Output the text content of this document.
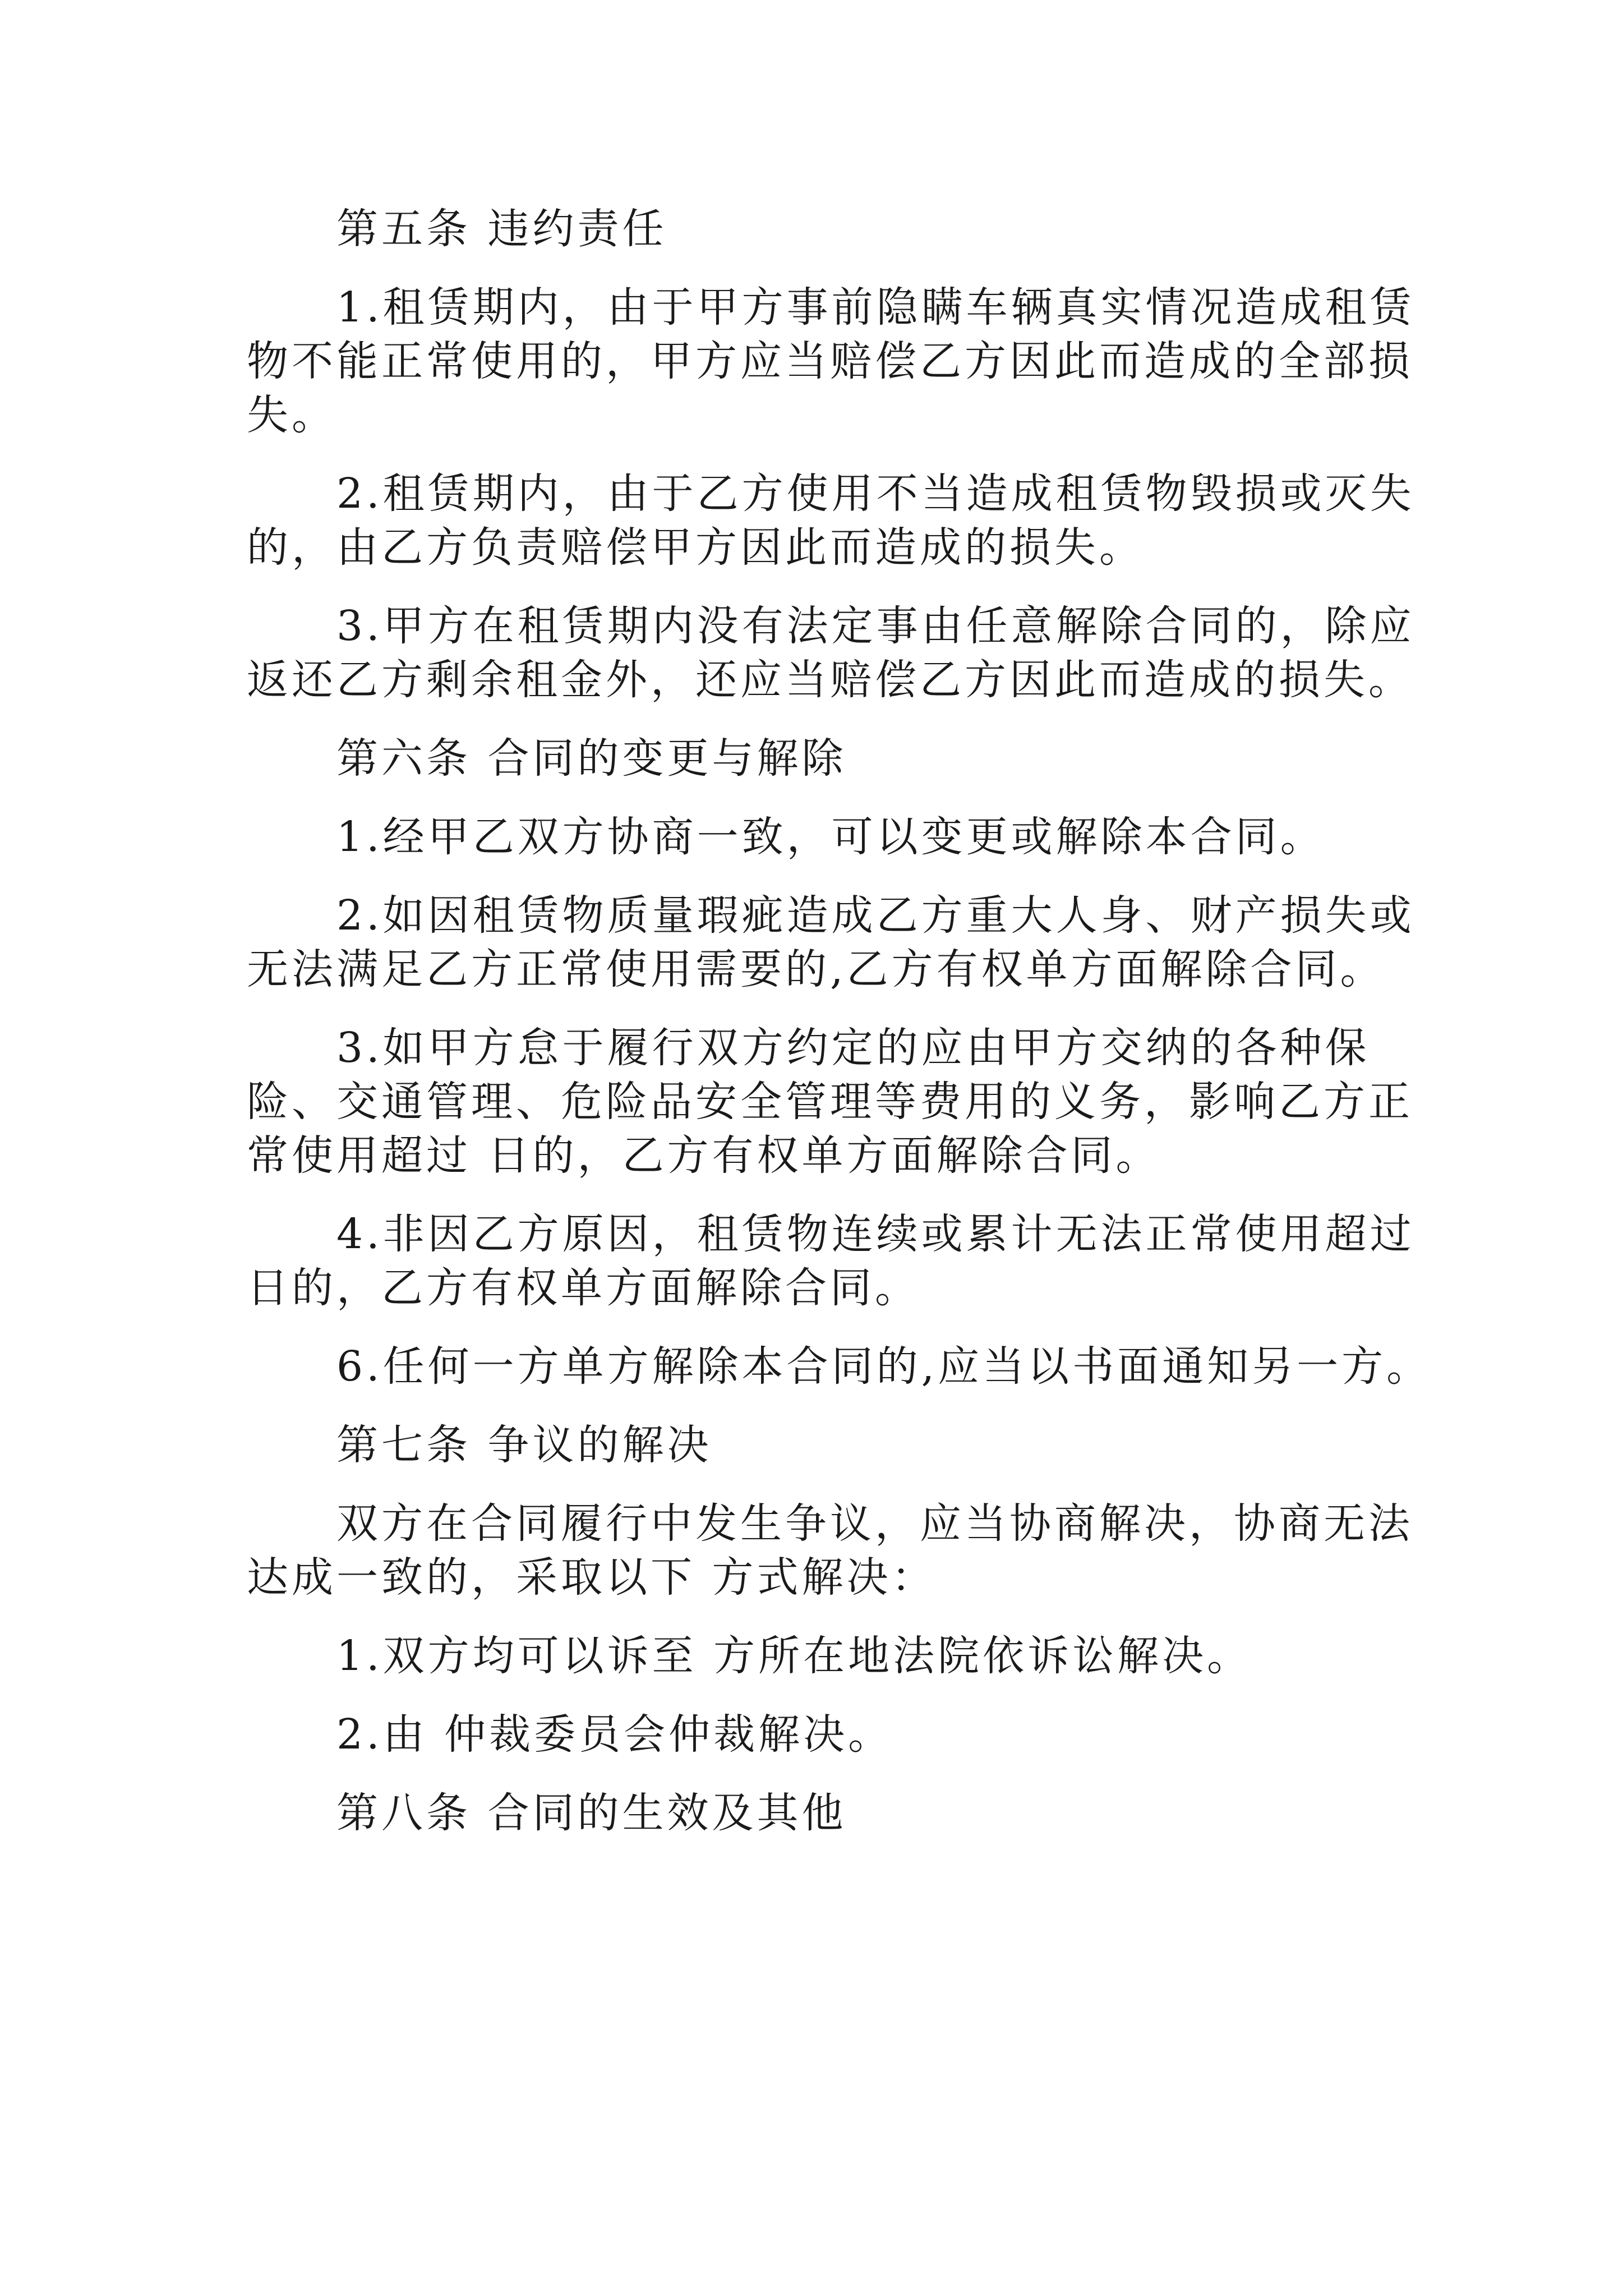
第五条 违约责任
1.租赁期内，由于甲方事前隐瞒车辆真实情况造成租赁
物不能正常使用的，甲方应当赔偿乙方因此而造成的全部损
失。
2.租赁期内，由于乙方使用不当造成租赁物毁损或灭失
的，由乙方负责赔偿甲方因此而造成的损失。
3.甲方在租赁期内没有法定事由任意解除合同的，除应
返还乙方剩余租金外，还应当赔偿乙方因此而造成的损失。
第六条 合同的变更与解除
1.经甲乙双方协商一致，可以变更或解除本合同。
2.如因租赁物质量瑕疵造成乙方重大人身、财产损失或
无法满足乙方正常使用需要的,乙方有权单方面解除合同。
3.如甲方怠于履行双方约定的应由甲方交纳的各种保
险、交通管理、危险品安全管理等费用的义务，影响乙方正
常使用超过 日的，乙方有权单方面解除合同。
4.非因乙方原因，租赁物连续或累计无法正常使用超过
日的，乙方有权单方面解除合同。
6.任何一方单方解除本合同的,应当以书面通知另一方。
第七条 争议的解决
双方在合同履行中发生争议，应当协商解决，协商无法
达成一致的，采取以下 方式解决：
1.双方均可以诉至 方所在地法院依诉讼解决。
2.由 仲裁委员会仲裁解决。
第八条 合同的生效及其他
